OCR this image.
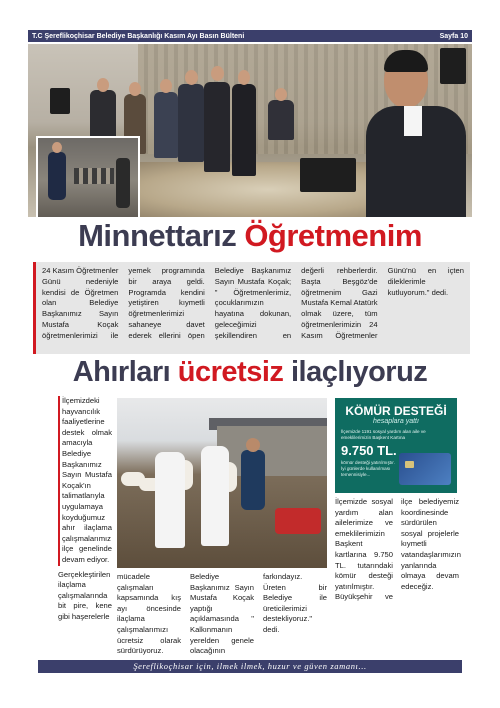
T.C Şereflikoçhisar Belediye Başkanlığı Kasım Ayı Basın Bülteni	Sayfa 10
Minnettarız Öğretmenim
24 Kasım Öğretmenler Günü nedeniyle kendisi de Öğretmen olan Belediye Başkanımız Sayın Mustafa Koçak öğretmenlerimizi ile yemek programında bir araya geldi. Programda kendini yetiştiren kıymetli öğretmenlerimizi sahaneye davet ederek ellerini öpen Belediye Başkanımız Sayın Mustafa Koçak; " Öğretmenlerimiz, çocuklarımızın hayatına dokunan, geleceğimizi şekillendiren en değerli rehberlerdir. Başta Beşgöz'de öğretmenim Gazi Mustafa Kemal Atatürk olmak üzere, tüm öğretmenlerimizin 24 Kasım Öğretmenler Günü'nü en içten dileklerimle kutluyorum." dedi.
Ahırları ücretsiz ilaçlıyoruz

İlçemizdeki hayvancılık faaliyetlerine destek olmak amacıyla Belediye Başkanımız Sayın Mustafa Koçak'ın talimatlarıyla uygulamaya koyduğumuz ahır ilaçlama çalışmalarımız ilçe genelinde devam ediyor.

Gerçekleştirilen ilaçlama çalışmalarında bit pire, kene gibi haşerelerle

mücadele çalışmaları kapsamında kış ayı öncesinde ilaçlama çalışmalarımızı ücretsiz olarak sürdürüyoruz. Belediye Başkanımız Sayın Mustafa Koçak yaptığı açıklamasında " Kalkınmanın yerelden genele olacağının farkındayız. Üreten bir Belediye ile üreticilerimizi destekliyoruz." dedi.
KÖMÜR DESTEĞİ
hesaplara yattı
İlçemizde 1191 sosyal yardım alan aile ve emeklilerimizin Başkent Kartına
9.750 TL.
kömür desteği yatırılmıştır. İyi günlerde kullanılması temennisiyle...
İlçemizde sosyal yardım alan ailelerimize ve emeklilerimizin Başkent kartlarına 9.750 TL. tutarındaki kömür desteği yatırılmıştır. Büyükşehir ve ilçe belediyemiz koordinesinde sürdürülen sosyal projelerle kıymetli vatandaşlarımızın yanlarında olmaya devam edeceğiz.
Şereflikoçhisar için, ilmek ilmek, huzur ve güven zamanı...
